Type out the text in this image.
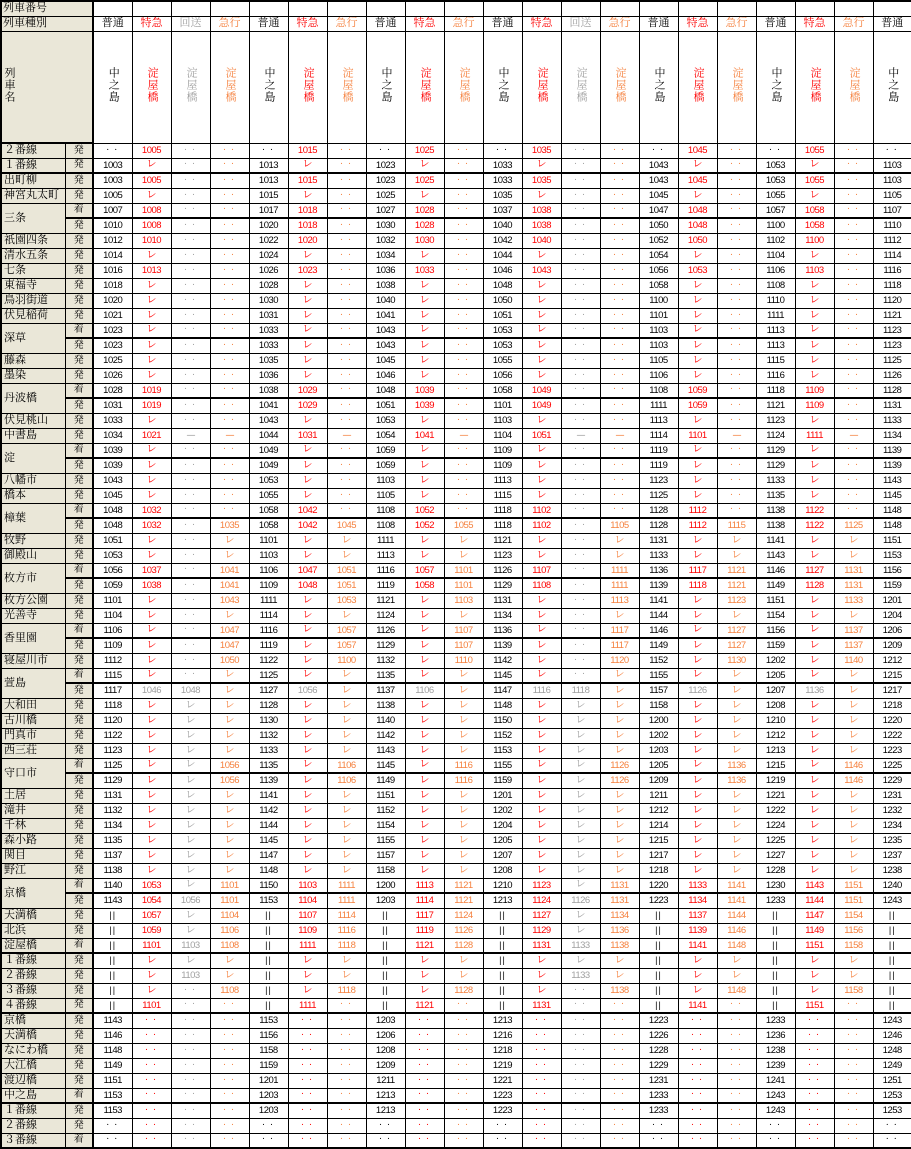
列車番号																						
列車種別		普通	特急	回送	急行	普通	特急	急行	普通	特急	急行	普通	特急	回送	急行	普通	特急	急行	普通	特急	急行	普通
列車名		中之島	淀屋橋	淀屋橋	淀屋橋	中之島	淀屋橋	淀屋橋	中之島	淀屋橋	淀屋橋	中之島	淀屋橋	淀屋橋	淀屋橋	中之島	淀屋橋	淀屋橋	中之島	淀屋橋	淀屋橋	中之島
２番線	発	・・	1005	・・	・・	・・	1015	・・	・・	1025	・・	・・	1035	・・	・・	・・	1045	・・	・・	1055	・・	・・
１番線	発	1003	レ	・・	・・	1013	レ	・・	1023	レ	・・	1033	レ	・・	・・	1043	レ	・・	1053	レ	・・	1103
出町柳	発	1003	1005	・・	・・	1013	1015	・・	1023	1025	・・	1033	1035	・・	・・	1043	1045	・・	1053	1055	・・	1103
神宮丸太町	発	1005	レ	・・	・・	1015	レ	・・	1025	レ	・・	1035	レ	・・	・・	1045	レ	・・	1055	レ	・・	1105
三条	着	1007	1008	・・	・・	1017	1018	・・	1027	1028	・・	1037	1038	・・	・・	1047	1048	・・	1057	1058	・・	1107
	発	1010	1008	・・	・・	1020	1018	・・	1030	1028	・・	1040	1038	・・	・・	1050	1048	・・	1100	1058	・・	1110
祇園四条	発	1012	1010	・・	・・	1022	1020	・・	1032	1030	・・	1042	1040	・・	・・	1052	1050	・・	1102	1100	・・	1112
清水五条	発	1014	レ	・・	・・	1024	レ	・・	1034	レ	・・	1044	レ	・・	・・	1054	レ	・・	1104	レ	・・	1114
七条	発	1016	1013	・・	・・	1026	1023	・・	1036	1033	・・	1046	1043	・・	・・	1056	1053	・・	1106	1103	・・	1116
東福寺	発	1018	レ	・・	・・	1028	レ	・・	1038	レ	・・	1048	レ	・・	・・	1058	レ	・・	1108	レ	・・	1118
鳥羽街道	発	1020	レ	・・	・・	1030	レ	・・	1040	レ	・・	1050	レ	・・	・・	1100	レ	・・	1110	レ	・・	1120
伏見稲荷	発	1021	レ	・・	・・	1031	レ	・・	1041	レ	・・	1051	レ	・・	・・	1101	レ	・・	1111	レ	・・	1121
深草	着	1023	レ	・・	・・	1033	レ	・・	1043	レ	・・	1053	レ	・・	・・	1103	レ	・・	1113	レ	・・	1123
	発	1023	レ	・・	・・	1033	レ	・・	1043	レ	・・	1053	レ	・・	・・	1103	レ	・・	1113	レ	・・	1123
藤森	発	1025	レ	・・	・・	1035	レ	・・	1045	レ	・・	1055	レ	・・	・・	1105	レ	・・	1115	レ	・・	1125
墨染	発	1026	レ	・・	・・	1036	レ	・・	1046	レ	・・	1056	レ	・・	・・	1106	レ	・・	1116	レ	・・	1126
丹波橋	着	1028	1019	・・	・・	1038	1029	・・	1048	1039	・・	1058	1049	・・	・・	1108	1059	・・	1118	1109	・・	1128
	発	1031	1019	・・	・・	1041	1029	・・	1051	1039	・・	1101	1049	・・	・・	1111	1059	・・	1121	1109	・・	1131
伏見桃山	発	1033	レ	・・	・・	1043	レ	・・	1053	レ	・・	1103	レ	・・	・・	1113	レ	・・	1123	レ	・・	1133
中書島	発	1034	1021	----	----	1044	1031	----	1054	1041	----	1104	1051	----	----	1114	1101	----	1124	1111	----	1134
淀	着	1039	レ	・・	・・	1049	レ	・・	1059	レ	・・	1109	レ	・・	・・	1119	レ	・・	1129	レ	・・	1139
	発	1039	レ	・・	・・	1049	レ	・・	1059	レ	・・	1109	レ	・・	・・	1119	レ	・・	1129	レ	・・	1139
八幡市	発	1043	レ	・・	・・	1053	レ	・・	1103	レ	・・	1113	レ	・・	・・	1123	レ	・・	1133	レ	・・	1143
橋本	発	1045	レ	・・	・・	1055	レ	・・	1105	レ	・・	1115	レ	・・	・・	1125	レ	・・	1135	レ	・・	1145
樟葉	着	1048	1032	・・	・・	1058	1042	・・	1108	1052	・・	1118	1102	・・	・・	1128	1112	・・	1138	1122	・・	1148
	発	1048	1032	・・	1035	1058	1042	1045	1108	1052	1055	1118	1102	・・	1105	1128	1112	1115	1138	1122	1125	1148
牧野	発	1051	レ	・・	レ	1101	レ	レ	1111	レ	レ	1121	レ	・・	レ	1131	レ	レ	1141	レ	レ	1151
御殿山	発	1053	レ	・・	レ	1103	レ	レ	1113	レ	レ	1123	レ	・・	レ	1133	レ	レ	1143	レ	レ	1153
枚方市	着	1056	1037	・・	1041	1106	1047	1051	1116	1057	1101	1126	1107	・・	1111	1136	1117	1121	1146	1127	1131	1156
	発	1059	1038	・・	1041	1109	1048	1051	1119	1058	1101	1129	1108	・・	1111	1139	1118	1121	1149	1128	1131	1159
枚方公園	発	1101	レ	・・	1043	1111	レ	1053	1121	レ	1103	1131	レ	・・	1113	1141	レ	1123	1151	レ	1133	1201
光善寺	発	1104	レ	・・	レ	1114	レ	レ	1124	レ	レ	1134	レ	・・	レ	1144	レ	レ	1154	レ	レ	1204
香里園	着	1106	レ	・・	1047	1116	レ	1057	1126	レ	1107	1136	レ	・・	1117	1146	レ	1127	1156	レ	1137	1206
	発	1109	レ	・・	1047	1119	レ	1057	1129	レ	1107	1139	レ	・・	1117	1149	レ	1127	1159	レ	1137	1209
寝屋川市	発	1112	レ	・・	1050	1122	レ	1100	1132	レ	1110	1142	レ	・・	1120	1152	レ	1130	1202	レ	1140	1212
萱島	着	1115	レ	・・	レ	1125	レ	レ	1135	レ	レ	1145	レ	・・	レ	1155	レ	レ	1205	レ	レ	1215
	発	1117	1046	1048	レ	1127	1056	レ	1137	1106	レ	1147	1116	1118	レ	1157	1126	レ	1207	1136	レ	1217
大和田	発	1118	レ	レ	レ	1128	レ	レ	1138	レ	レ	1148	レ	レ	レ	1158	レ	レ	1208	レ	レ	1218
古川橋	発	1120	レ	レ	レ	1130	レ	レ	1140	レ	レ	1150	レ	レ	レ	1200	レ	レ	1210	レ	レ	1220
門真市	発	1122	レ	レ	レ	1132	レ	レ	1142	レ	レ	1152	レ	レ	レ	1202	レ	レ	1212	レ	レ	1222
西三荘	発	1123	レ	レ	レ	1133	レ	レ	1143	レ	レ	1153	レ	レ	レ	1203	レ	レ	1213	レ	レ	1223
守口市	着	1125	レ	レ	1056	1135	レ	1106	1145	レ	1116	1155	レ	レ	1126	1205	レ	1136	1215	レ	1146	1225
	発	1129	レ	レ	1056	1139	レ	1106	1149	レ	1116	1159	レ	レ	1126	1209	レ	1136	1219	レ	1146	1229
土居	発	1131	レ	レ	レ	1141	レ	レ	1151	レ	レ	1201	レ	レ	レ	1211	レ	レ	1221	レ	レ	1231
滝井	発	1132	レ	レ	レ	1142	レ	レ	1152	レ	レ	1202	レ	レ	レ	1212	レ	レ	1222	レ	レ	1232
千林	発	1134	レ	レ	レ	1144	レ	レ	1154	レ	レ	1204	レ	レ	レ	1214	レ	レ	1224	レ	レ	1234
森小路	発	1135	レ	レ	レ	1145	レ	レ	1155	レ	レ	1205	レ	レ	レ	1215	レ	レ	1225	レ	レ	1235
関目	発	1137	レ	レ	レ	1147	レ	レ	1157	レ	レ	1207	レ	レ	レ	1217	レ	レ	1227	レ	レ	1237
野江	発	1138	レ	レ	レ	1148	レ	レ	1158	レ	レ	1208	レ	レ	レ	1218	レ	レ	1228	レ	レ	1238
京橋	着	1140	1053	レ	1101	1150	1103	1111	1200	1113	1121	1210	1123	レ	1131	1220	1133	1141	1230	1143	1151	1240
	発	1143	1054	1056	1101	1153	1104	1111	1203	1114	1121	1213	1124	1126	1131	1223	1134	1141	1233	1144	1151	1243
天満橋	発	||	1057	レ	1104	||	1107	1114	||	1117	1124	||	1127	レ	1134	||	1137	1144	||	1147	1154	||
北浜	発	||	1059	レ	1106	||	1109	1116	||	1119	1126	||	1129	レ	1136	||	1139	1146	||	1149	1156	||
淀屋橋	着	||	1101	1103	1108	||	1111	1118	||	1121	1128	||	1131	1133	1138	||	1141	1148	||	1151	1158	||
１番線	発	||	レ	レ	レ	||	レ	レ	||	レ	レ	||	レ	レ	レ	||	レ	レ	||	レ	レ	||
２番線	発	||	レ	1103	レ	||	レ	レ	||	レ	レ	||	レ	1133	レ	||	レ	レ	||	レ	レ	||
３番線	発	||	レ	・・	1108	||	レ	1118	||	レ	1128	||	レ	・・	1138	||	レ	1148	||	レ	1158	||
４番線	発	||	1101	・・	・・	||	1111	・・	||	1121	・・	||	1131	・・	・・	||	1141	・・	||	1151	・・	||
京橋	発	1143	・・	・・	・・	1153	・・	・・	1203	・・	・・	1213	・・	・・	・・	1223	・・	・・	1233	・・	・・	1243
天満橋	発	1146	・・	・・	・・	1156	・・	・・	1206	・・	・・	1216	・・	・・	・・	1226	・・	・・	1236	・・	・・	1246
なにわ橋	発	1148	・・	・・	・・	1158	・・	・・	1208	・・	・・	1218	・・	・・	・・	1228	・・	・・	1238	・・	・・	1248
大江橋	発	1149	・・	・・	・・	1159	・・	・・	1209	・・	・・	1219	・・	・・	・・	1229	・・	・・	1239	・・	・・	1249
渡辺橋	発	1151	・・	・・	・・	1201	・・	・・	1211	・・	・・	1221	・・	・・	・・	1231	・・	・・	1241	・・	・・	1251
中之島	着	1153	・・	・・	・・	1203	・・	・・	1213	・・	・・	1223	・・	・・	・・	1233	・・	・・	1243	・・	・・	1253
１番線	発	1153	・・	・・	・・	1203	・・	・・	1213	・・	・・	1223	・・	・・	・・	1233	・・	・・	1243	・・	・・	1253
２番線	発	・・	・・	・・	・・	・・	・・	・・	・・	・・	・・	・・	・・	・・	・・	・・	・・	・・	・・	・・	・・	・・
３番線	着	・・	・・	・・	・・	・・	・・	・・	・・	・・	・・	・・	・・	・・	・・	・・	・・	・・	・・	・・	・・	・・
